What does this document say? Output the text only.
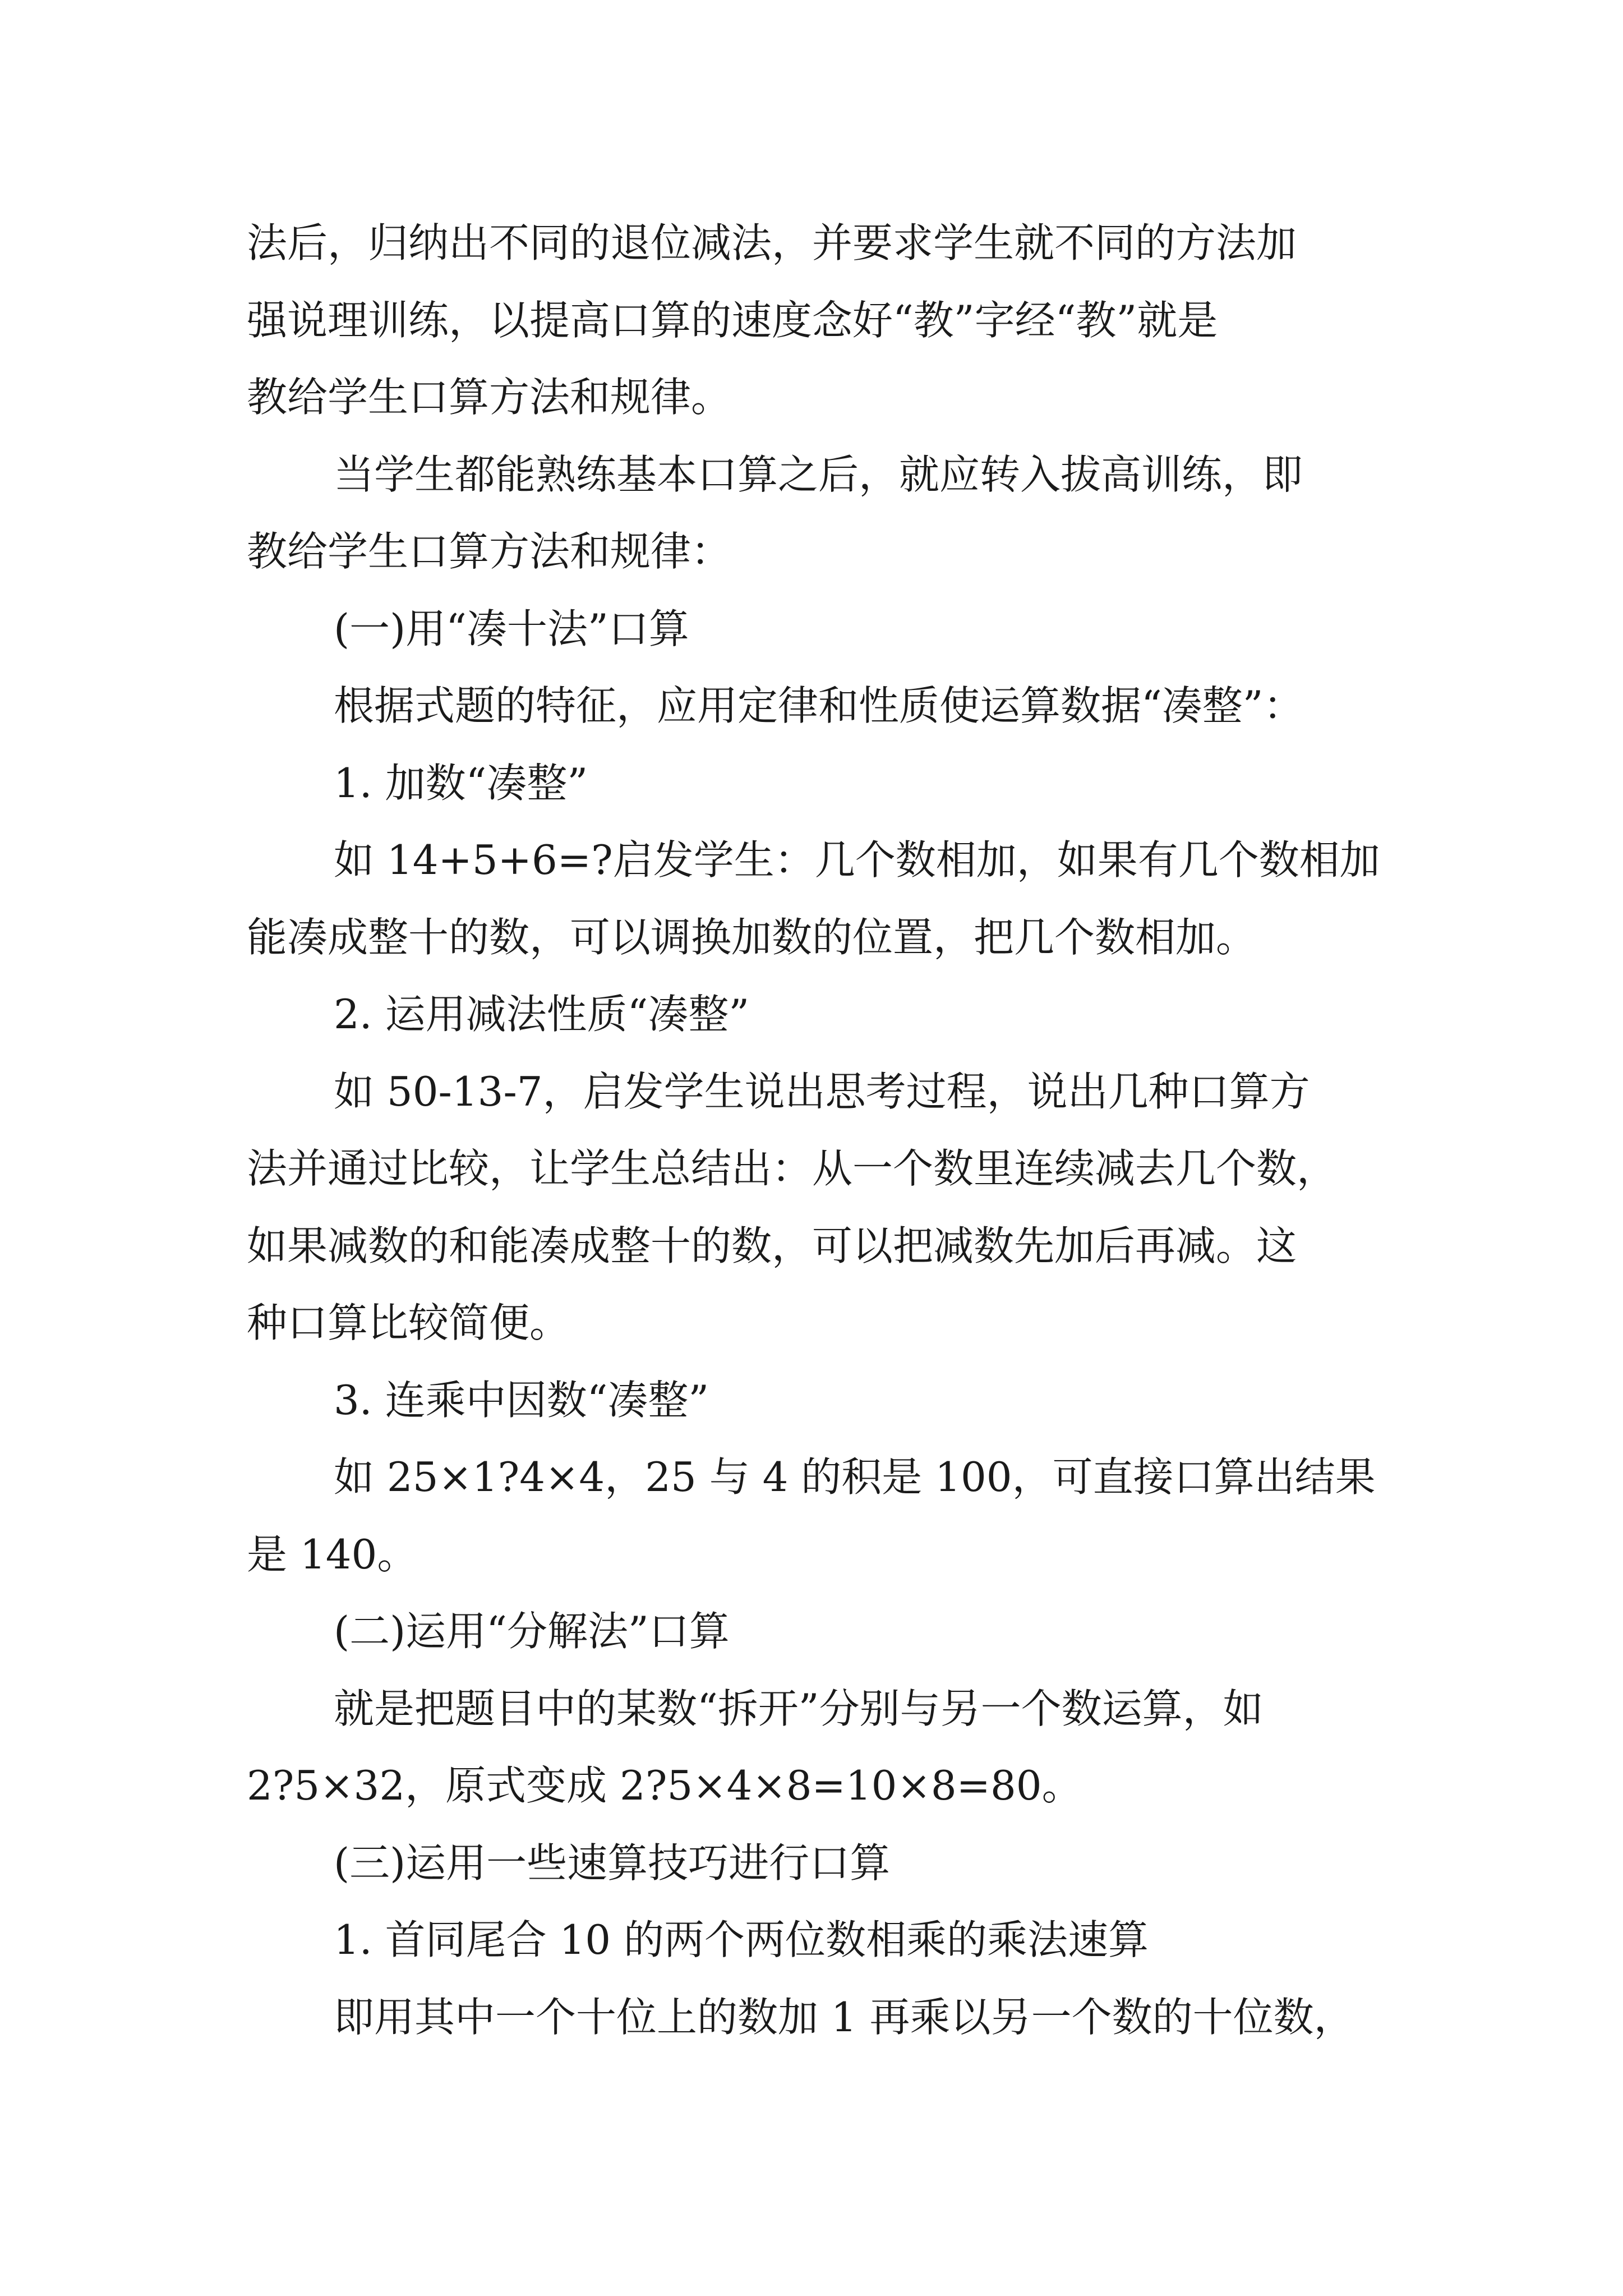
法后，归纳出不同的退位减法，并要求学生就不同的方法加
强说理训练，以提高口算的速度念好“教”字经“教”就是
教给学生口算方法和规律。
当学生都能熟练基本口算之后，就应转入拔高训练，即
教给学生口算方法和规律：
(一)用“凑十法”口算
根据式题的特征，应用定律和性质使运算数据“凑整”：
1. 加数“凑整”
如 14+5+6=?启发学生：几个数相加，如果有几个数相加
能凑成整十的数，可以调换加数的位置，把几个数相加。
2. 运用减法性质“凑整”
如 50-13-7，启发学生说出思考过程，说出几种口算方
法并通过比较，让学生总结出：从一个数里连续减去几个数，
如果减数的和能凑成整十的数，可以把减数先加后再减。这
种口算比较简便。
3. 连乘中因数“凑整”
如 25×1?4×4，25 与 4 的积是 100，可直接口算出结果
是 140。
(二)运用“分解法”口算
就是把题目中的某数“拆开”分别与另一个数运算，如
2?5×32，原式变成 2?5×4×8=10×8=80。
(三)运用一些速算技巧进行口算
1. 首同尾合 10 的两个两位数相乘的乘法速算
即用其中一个十位上的数加 1 再乘以另一个数的十位数，
